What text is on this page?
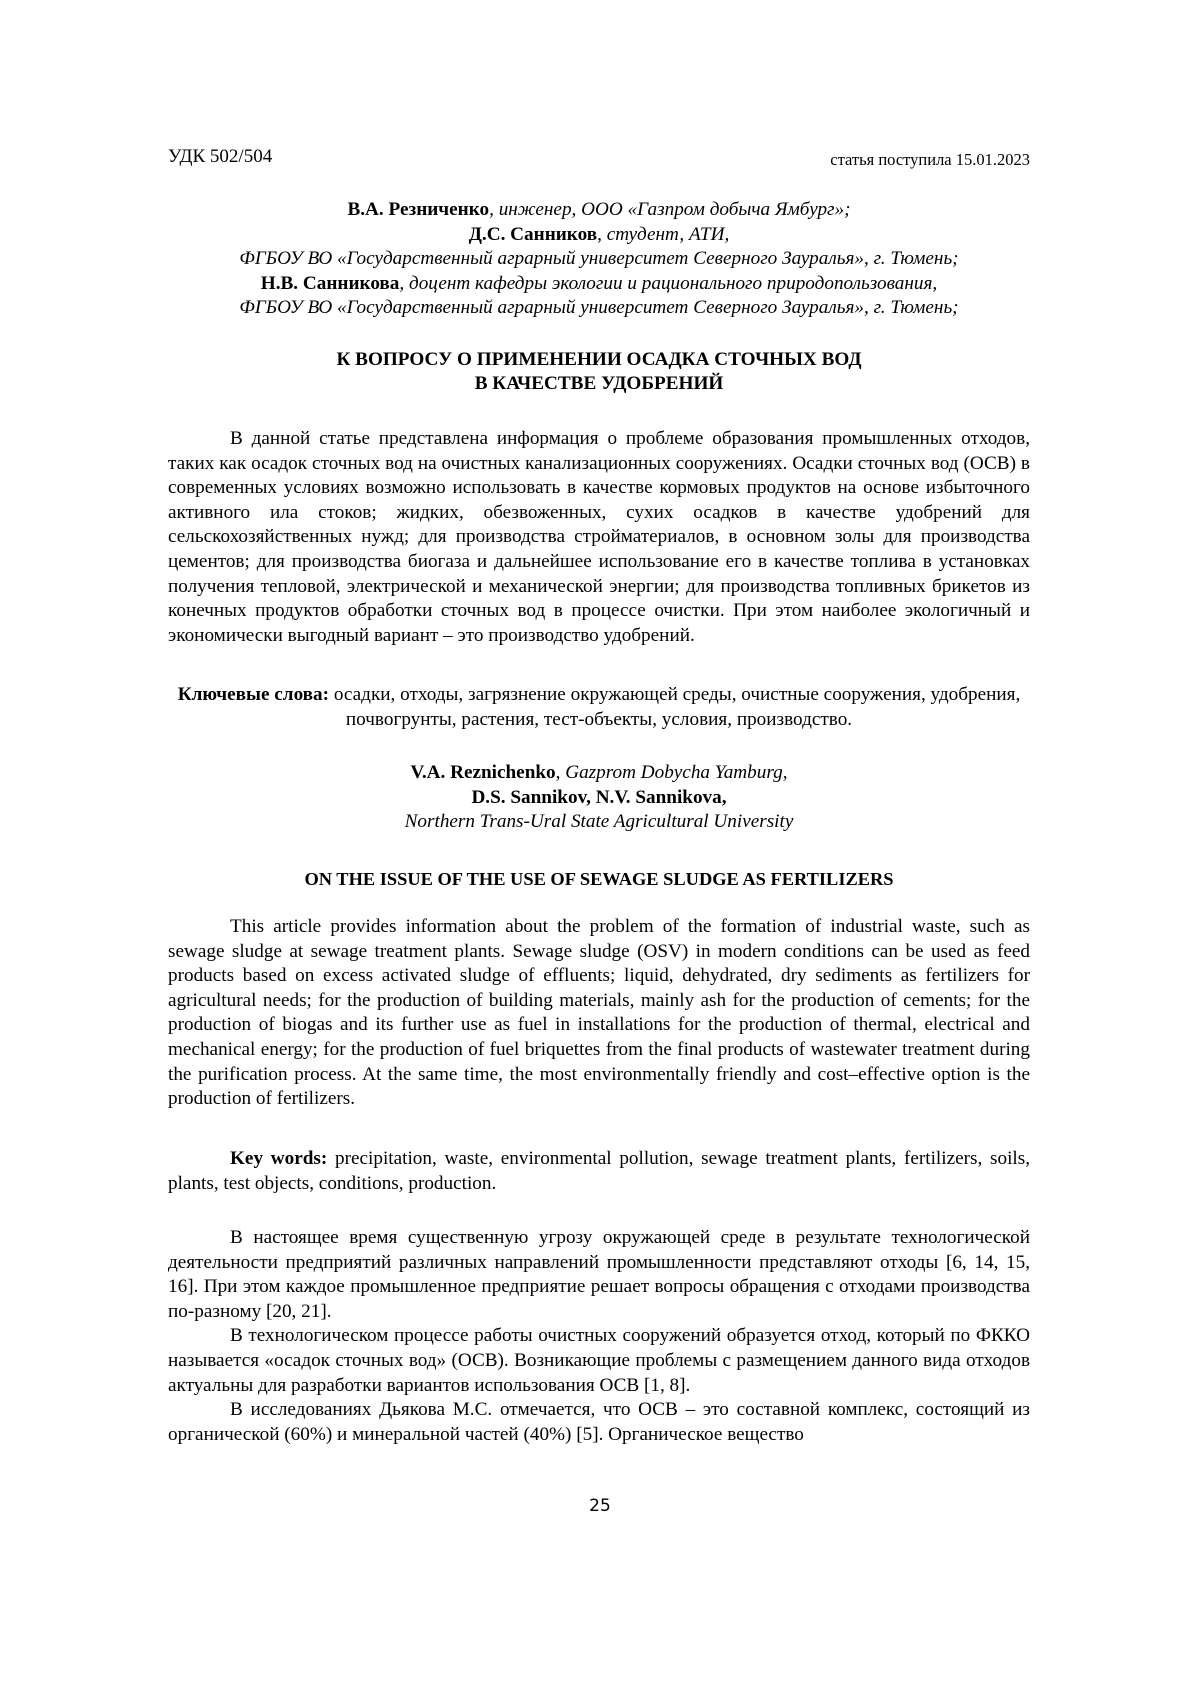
УДК 502/504	статья поступила 15.01.2023
В.А. Резниченко, инженер, ООО «Газпром добыча Ямбург»;
Д.С. Санников, студент, АТИ,
ФГБОУ ВО «Государственный аграрный университет Северного Зауралья», г. Тюмень;
Н.В. Санникова, доцент кафедры экологии и рационального природопользования,
ФГБОУ ВО «Государственный аграрный университет Северного Зауралья», г. Тюмень;
К ВОПРОСУ О ПРИМЕНЕНИИ ОСАДКА СТОЧНЫХ ВОД
В КАЧЕСТВЕ УДОБРЕНИЙ

В данной статье представлена информация о проблеме образования промышленных отходов, таких как осадок сточных вод на очистных канализационных сооружениях. Осадки сточных вод (ОСВ) в современных условиях возможно использовать в качестве кормовых продуктов на основе избыточного активного ила стоков; жидких, обезвоженных, сухих осадков в качестве удобрений для сельскохозяйственных нужд; для производства стройматериалов, в основном золы для производства цементов; для производства биогаза и дальнейшее использование его в качестве топлива в установках получения тепловой, электрической и механической энергии; для производства топливных брикетов из конечных продуктов обработки сточных вод в процессе очистки. При этом наиболее экологичный и экономически выгодный вариант – это производство удобрений.

Ключевые слова: осадки, отходы, загрязнение окружающей среды, очистные сооружения, удобрения, почвогрунты, растения, тест-объекты, условия, производство.

V.A. Reznichenko, Gazprom Dobycha Yamburg,
D.S. Sannikov, N.V. Sannikova,
Northern Trans-Ural State Agricultural University
ON THE ISSUE OF THE USE OF SEWAGE SLUDGE AS FERTILIZERS

This article provides information about the problem of the formation of industrial waste, such as sewage sludge at sewage treatment plants. Sewage sludge (OSV) in modern conditions can be used as feed products based on excess activated sludge of effluents; liquid, dehydrated, dry sediments as fertilizers for agricultural needs; for the production of building materials, mainly ash for the production of cements; for the production of biogas and its further use as fuel in installations for the production of thermal, electrical and mechanical energy; for the production of fuel briquettes from the final products of wastewater treatment during the purification process. At the same time, the most environmentally friendly and cost–effective option is the production of fertilizers.

Key words: precipitation, waste, environmental pollution, sewage treatment plants, fertilizers, soils, plants, test objects, conditions, production.

В настоящее время существенную угрозу окружающей среде в результате технологической деятельности предприятий различных направлений промышленности представляют отходы [6, 14, 15, 16]. При этом каждое промышленное предприятие решает вопросы обращения с отходами производства по-разному [20, 21].

В технологическом процессе работы очистных сооружений образуется отход, который по ФККО называется «осадок сточных вод» (ОСВ). Возникающие проблемы с размещением данного вида отходов актуальны для разработки вариантов использования ОСВ [1, 8].

В исследованиях Дьякова М.С. отмечается, что ОСВ – это составной комплекс, состоящий из органической (60%) и минеральной частей (40%) [5]. Органическое вещество

25
